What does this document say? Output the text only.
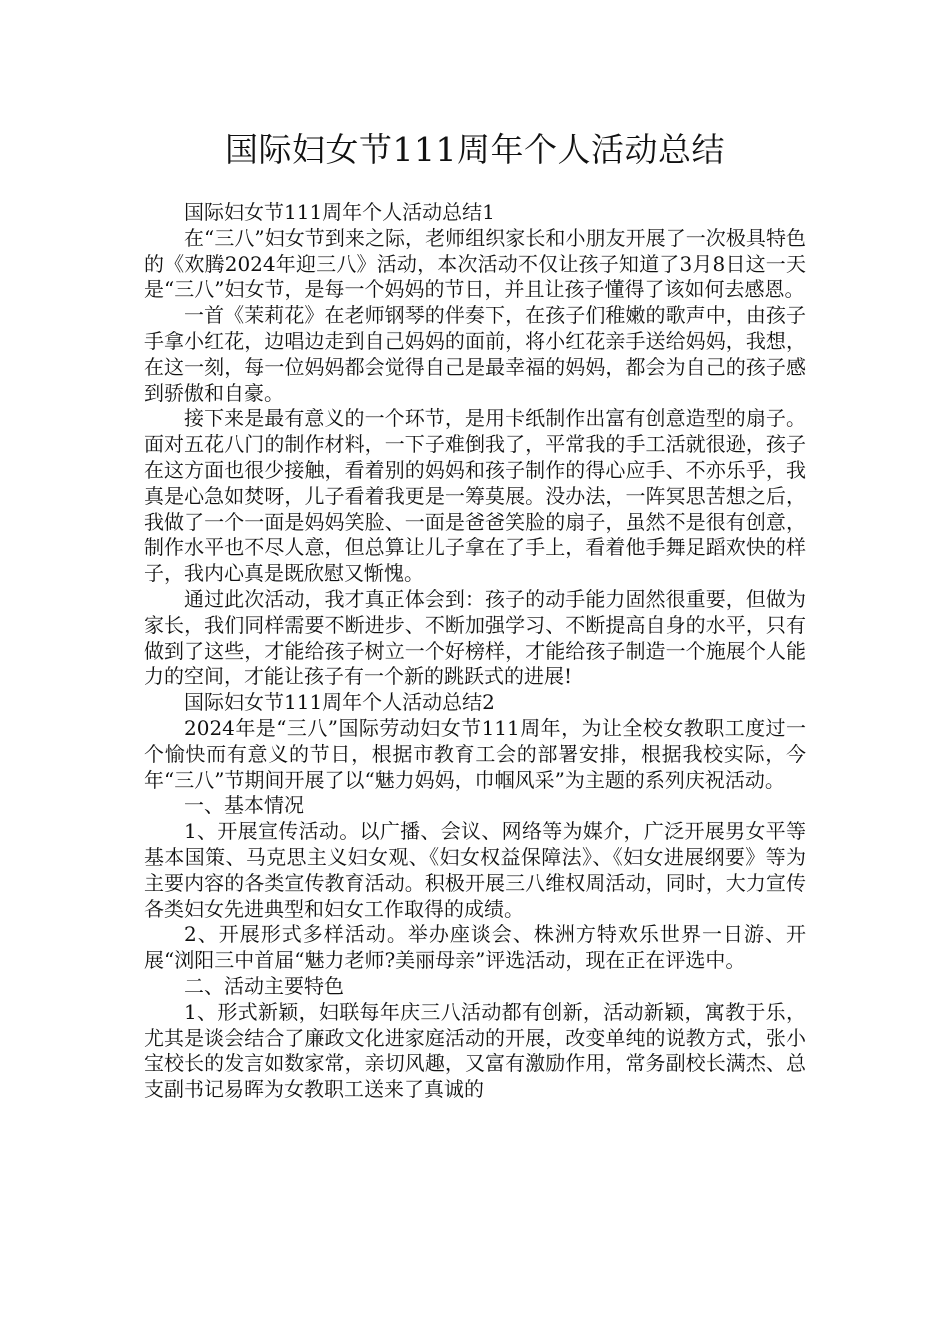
国际妇女节111周年个人活动总结

国际妇女节111周年个人活动总结1

在“三八”妇女节到来之际，老师组织家长和小朋友开展了一次极具特色的《欢腾2024年迎三八》活动，本次活动不仅让孩子知道了3月8日这一天是“三八”妇女节，是每一个妈妈的节日，并且让孩子懂得了该如何去感恩。

一首《茉莉花》在老师钢琴的伴奏下，在孩子们稚嫩的歌声中，由孩子手拿小红花，边唱边走到自己妈妈的面前，将小红花亲手送给妈妈，我想，在这一刻，每一位妈妈都会觉得自己是最幸福的妈妈，都会为自己的孩子感到骄傲和自豪。

接下来是最有意义的一个环节，是用卡纸制作出富有创意造型的扇子。面对五花八门的制作材料，一下子难倒我了，平常我的手工活就很逊，孩子在这方面也很少接触，看着别的妈妈和孩子制作的得心应手、不亦乐乎，我真是心急如焚呀，儿子看着我更是一筹莫展。没办法，一阵冥思苦想之后，我做了一个一面是妈妈笑脸、一面是爸爸笑脸的扇子，虽然不是很有创意，制作水平也不尽人意，但总算让儿子拿在了手上，看着他手舞足蹈欢快的样子，我内心真是既欣慰又惭愧。

通过此次活动，我才真正体会到：孩子的动手能力固然很重要，但做为家长，我们同样需要不断进步、不断加强学习、不断提高自身的水平，只有做到了这些，才能给孩子树立一个好榜样，才能给孩子制造一个施展个人能力的空间，才能让孩子有一个新的跳跃式的进展!

国际妇女节111周年个人活动总结2

2024年是“三八”国际劳动妇女节111周年，为让全校女教职工度过一个愉快而有意义的节日，根据市教育工会的部署安排，根据我校实际，今年“三八”节期间开展了以“魅力妈妈，巾帼风采”为主题的系列庆祝活动。

一、基本情况

1、开展宣传活动。以广播、会议、网络等为媒介，广泛开展男女平等基本国策、马克思主义妇女观、《妇女权益保障法》、《妇女进展纲要》等为主要内容的各类宣传教育活动。积极开展三八维权周活动，同时，大力宣传各类妇女先进典型和妇女工作取得的成绩。

2、开展形式多样活动。举办座谈会、株洲方特欢乐世界一日游、开展“浏阳三中首届“魅力老师?美丽母亲”评选活动，现在正在评选中。

二、活动主要特色

1、形式新颖，妇联每年庆三八活动都有创新，活动新颖，寓教于乐，尤其是谈会结合了廉政文化进家庭活动的开展，改变单纯的说教方式，张小宝校长的发言如数家常，亲切风趣，又富有激励作用，常务副校长满杰、总支副书记易晖为女教职工送来了真诚的
